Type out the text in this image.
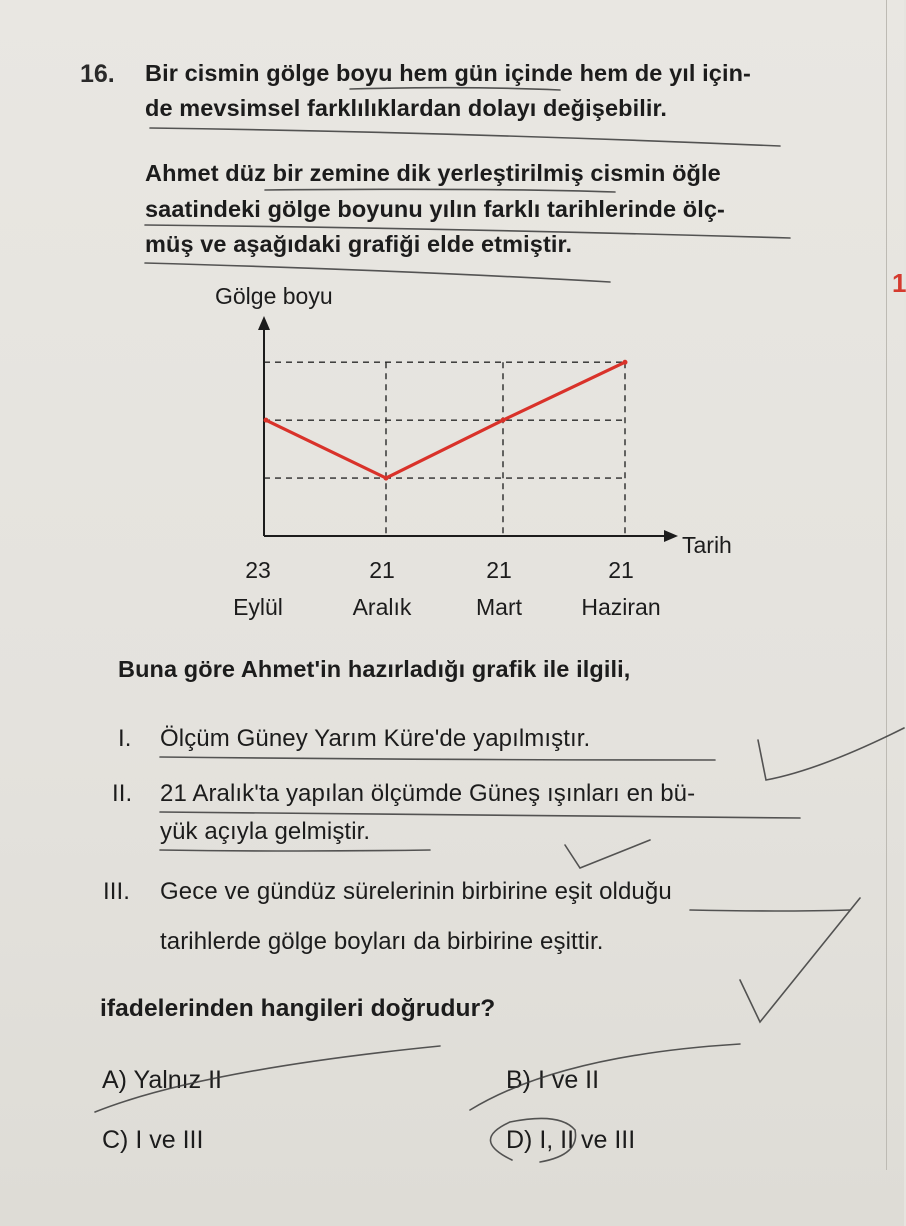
1
16. Bir cismin gölge boyu hem gün içinde hem de yıl için-
de mevsimsel farklılıklardan dolayı değişebilir.
Ahmet düz bir zemine dik yerleştirilmiş cismin öğle
saatindeki gölge boyunu yılın farklı tarihlerinde ölç-
müş ve aşağıdaki grafiği elde etmiştir.
Gölge boyu
Tarih
23
Eylül
21
Aralık
21
Mart
21
Haziran
Buna göre Ahmet'in hazırladığı grafik ile ilgili,
I. Ölçüm Güney Yarım Küre'de yapılmıştır.
II. 21 Aralık'ta yapılan ölçümde Güneş ışınları en bü-
yük açıyla gelmiştir.
III. Gece ve gündüz sürelerinin birbirine eşit olduğu
tarihlerde gölge boyları da birbirine eşittir.
ifadelerinden hangileri doğrudur?
A) Yalnız II	B) I ve II
C) I ve III	D) I, II ve III
